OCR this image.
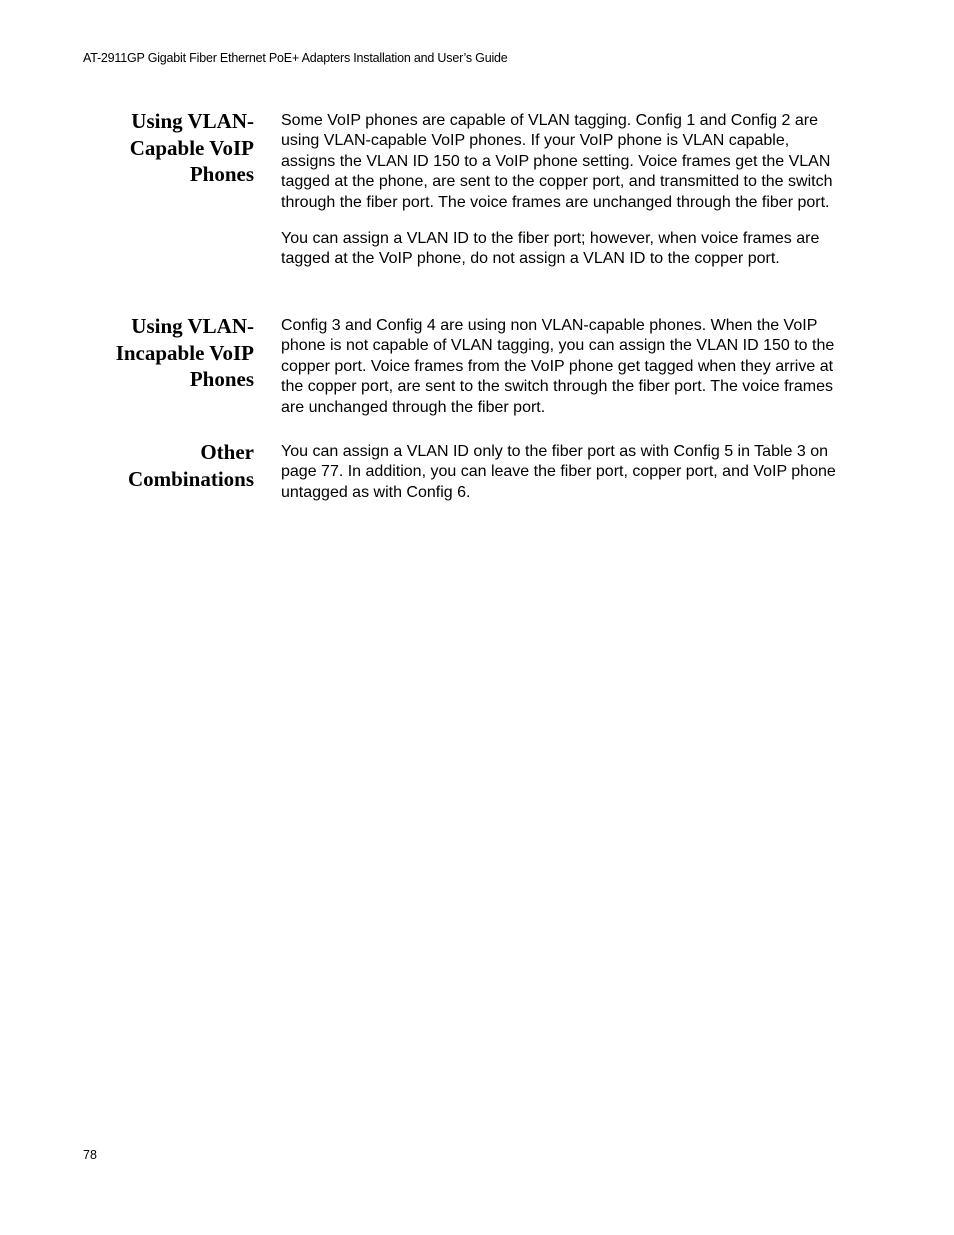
AT-2911GP Gigabit Fiber Ethernet PoE+ Adapters Installation and User’s Guide
Using VLAN-
Capable VoIP
Phones

Some VoIP phones are capable of VLAN tagging. Config 1 and Config 2 are using VLAN-capable VoIP phones. If your VoIP phone is VLAN capable, assigns the VLAN ID 150 to a VoIP phone setting. Voice frames get the VLAN tagged at the phone, are sent to the copper port, and transmitted to the switch through the fiber port. The voice frames are unchanged through the fiber port.

You can assign a VLAN ID to the fiber port; however, when voice frames are tagged at the VoIP phone, do not assign a VLAN ID to the copper port.

Using VLAN-
Incapable VoIP
Phones

Config 3 and Config 4 are using non VLAN-capable phones. When the VoIP phone is not capable of VLAN tagging, you can assign the VLAN ID 150 to the copper port. Voice frames from the VoIP phone get tagged when they arrive at the copper port, are sent to the switch through the fiber port. The voice frames are unchanged through the fiber port.

Other
Combinations

You can assign a VLAN ID only to the fiber port as with Config 5 in Table 3 on page 77. In addition, you can leave the fiber port, copper port, and VoIP phone untagged as with Config 6.

78
